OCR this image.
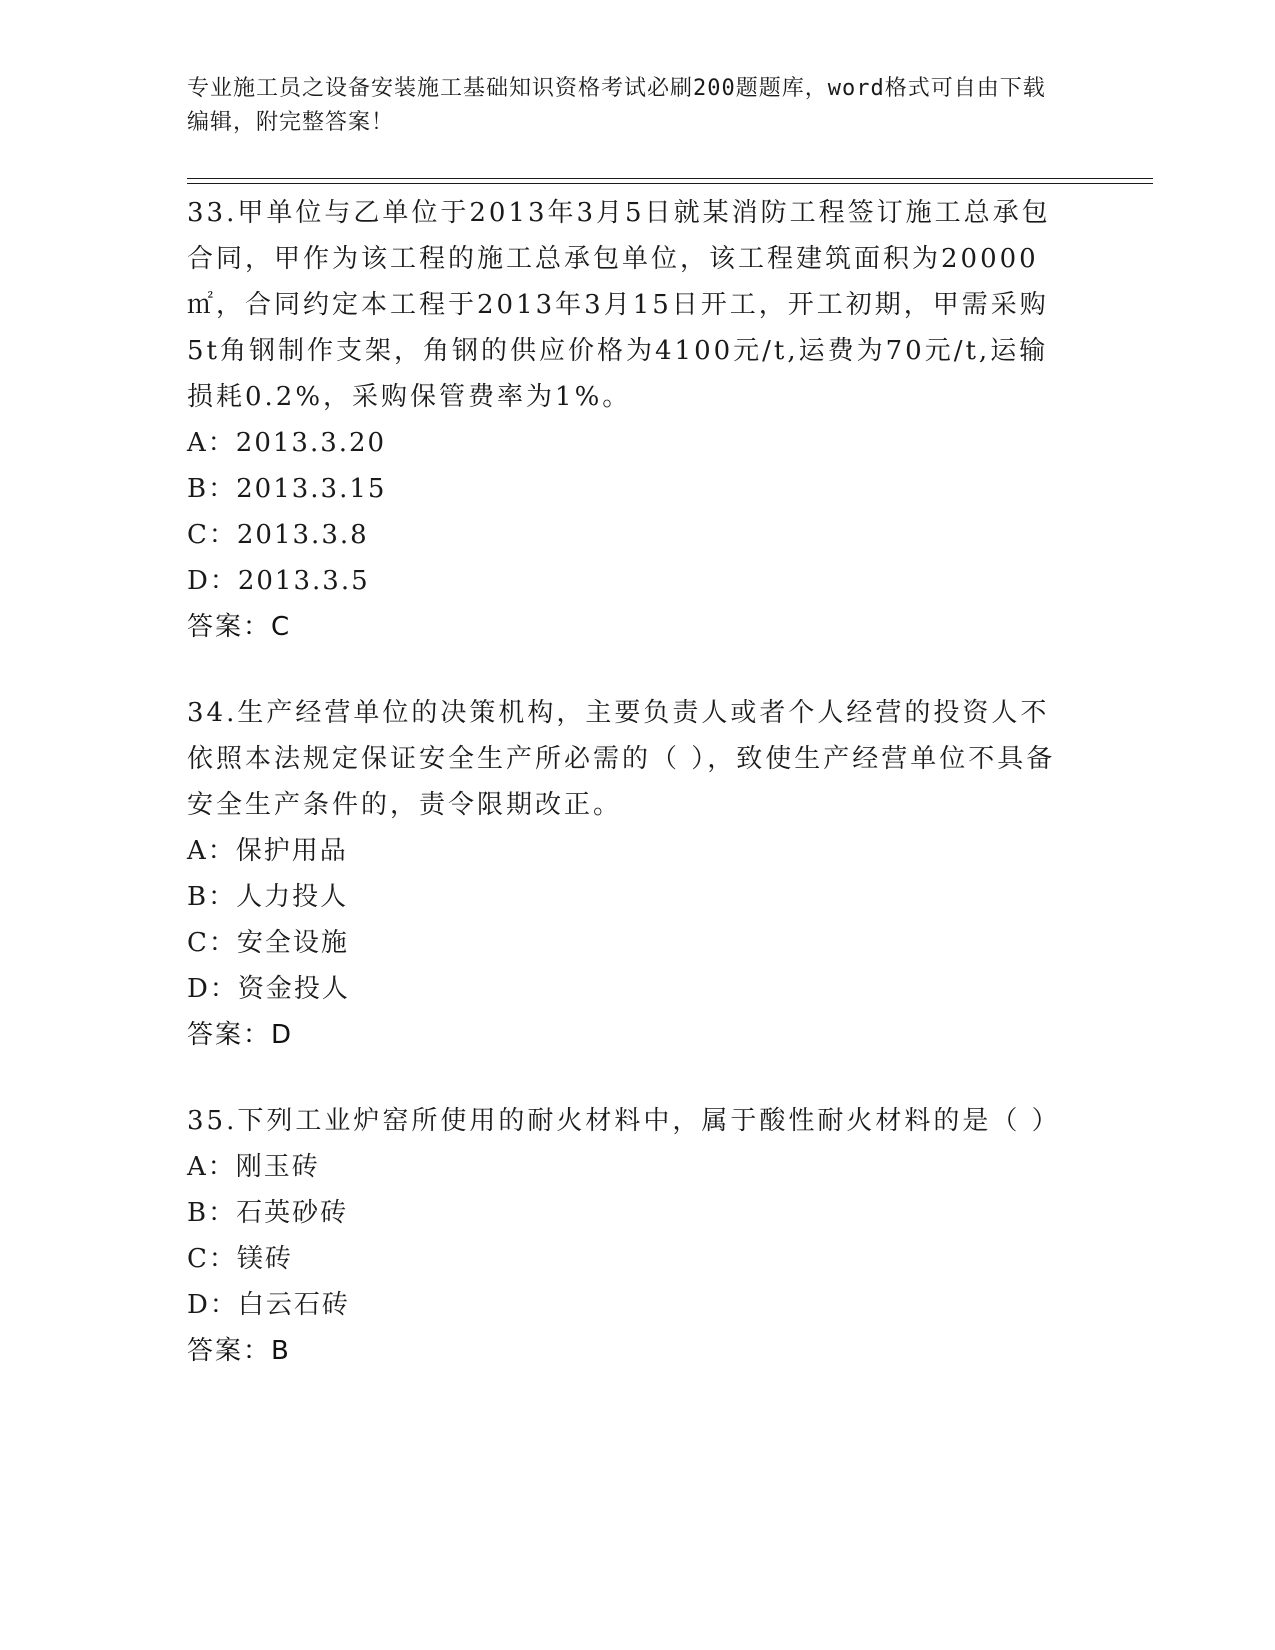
专业施工员之设备安装施工基础知识资格考试必刷200题题库，word格式可自由下载编辑，附完整答案！

33.甲单位与乙单位于2013年3月5日就某消防工程签订施工总承包合同，甲作为该工程的施工总承包单位，该工程建筑面积为20000㎡，合同约定本工程于2013年3月15日开工，开工初期，甲需采购5t角钢制作支架，角钢的供应价格为4100元/t,运费为70元/t,运输损耗0.2%，采购保管费率为1%。

A：2013.3.20
B：2013.3.15
C：2013.3.8
D：2013.3.5
答案：C

34.生产经营单位的决策机构，主要负责人或者个人经营的投资人不依照本法规定保证安全生产所必需的（ ），致使生产经营单位不具备安全生产条件的，责令限期改正。

A：保护用品
B：人力投人
C：安全设施
D：资金投人
答案：D

35.下列工业炉窑所使用的耐火材料中，属于酸性耐火材料的是（ ）

A：刚玉砖
B：石英砂砖
C：镁砖
D：白云石砖
答案：B
